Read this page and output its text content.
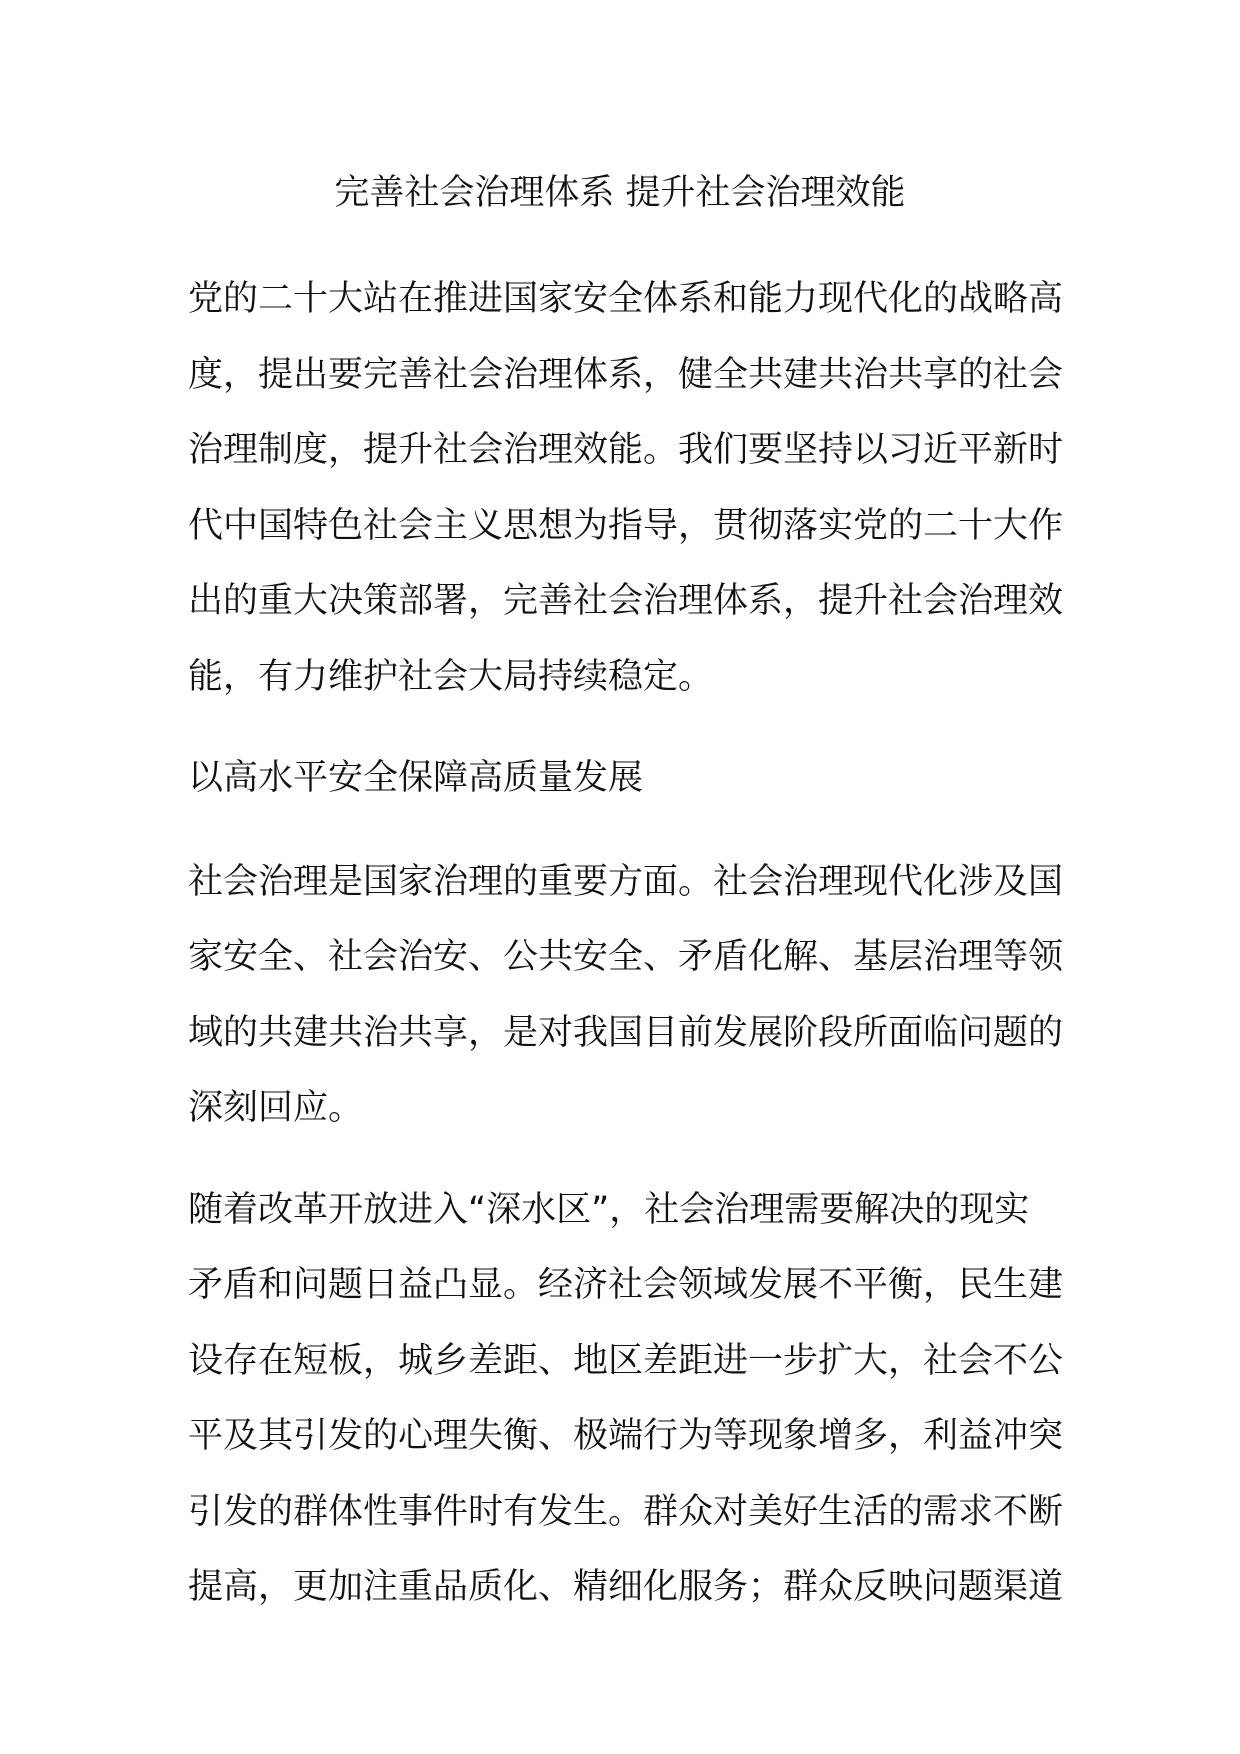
完善社会治理体系 提升社会治理效能

党的二十大站在推进国家安全体系和能力现代化的战略高度，提出要完善社会治理体系，健全共建共治共享的社会治理制度，提升社会治理效能。我们要坚持以习近平新时代中国特色社会主义思想为指导，贯彻落实党的二十大作出的重大决策部署，完善社会治理体系，提升社会治理效能，有力维护社会大局持续稳定。

以高水平安全保障高质量发展

社会治理是国家治理的重要方面。社会治理现代化涉及国家安全、社会治安、公共安全、矛盾化解、基层治理等领域的共建共治共享，是对我国目前发展阶段所面临问题的深刻回应。

随着改革开放进入“深水区”，社会治理需要解决的现实矛盾和问题日益凸显。经济社会领域发展不平衡，民生建设存在短板，城乡差距、地区差距进一步扩大，社会不公平及其引发的心理失衡、极端行为等现象增多，利益冲突引发的群体性事件时有发生。群众对美好生活的需求不断提高，更加注重品质化、精细化服务；群众反映问题渠道
